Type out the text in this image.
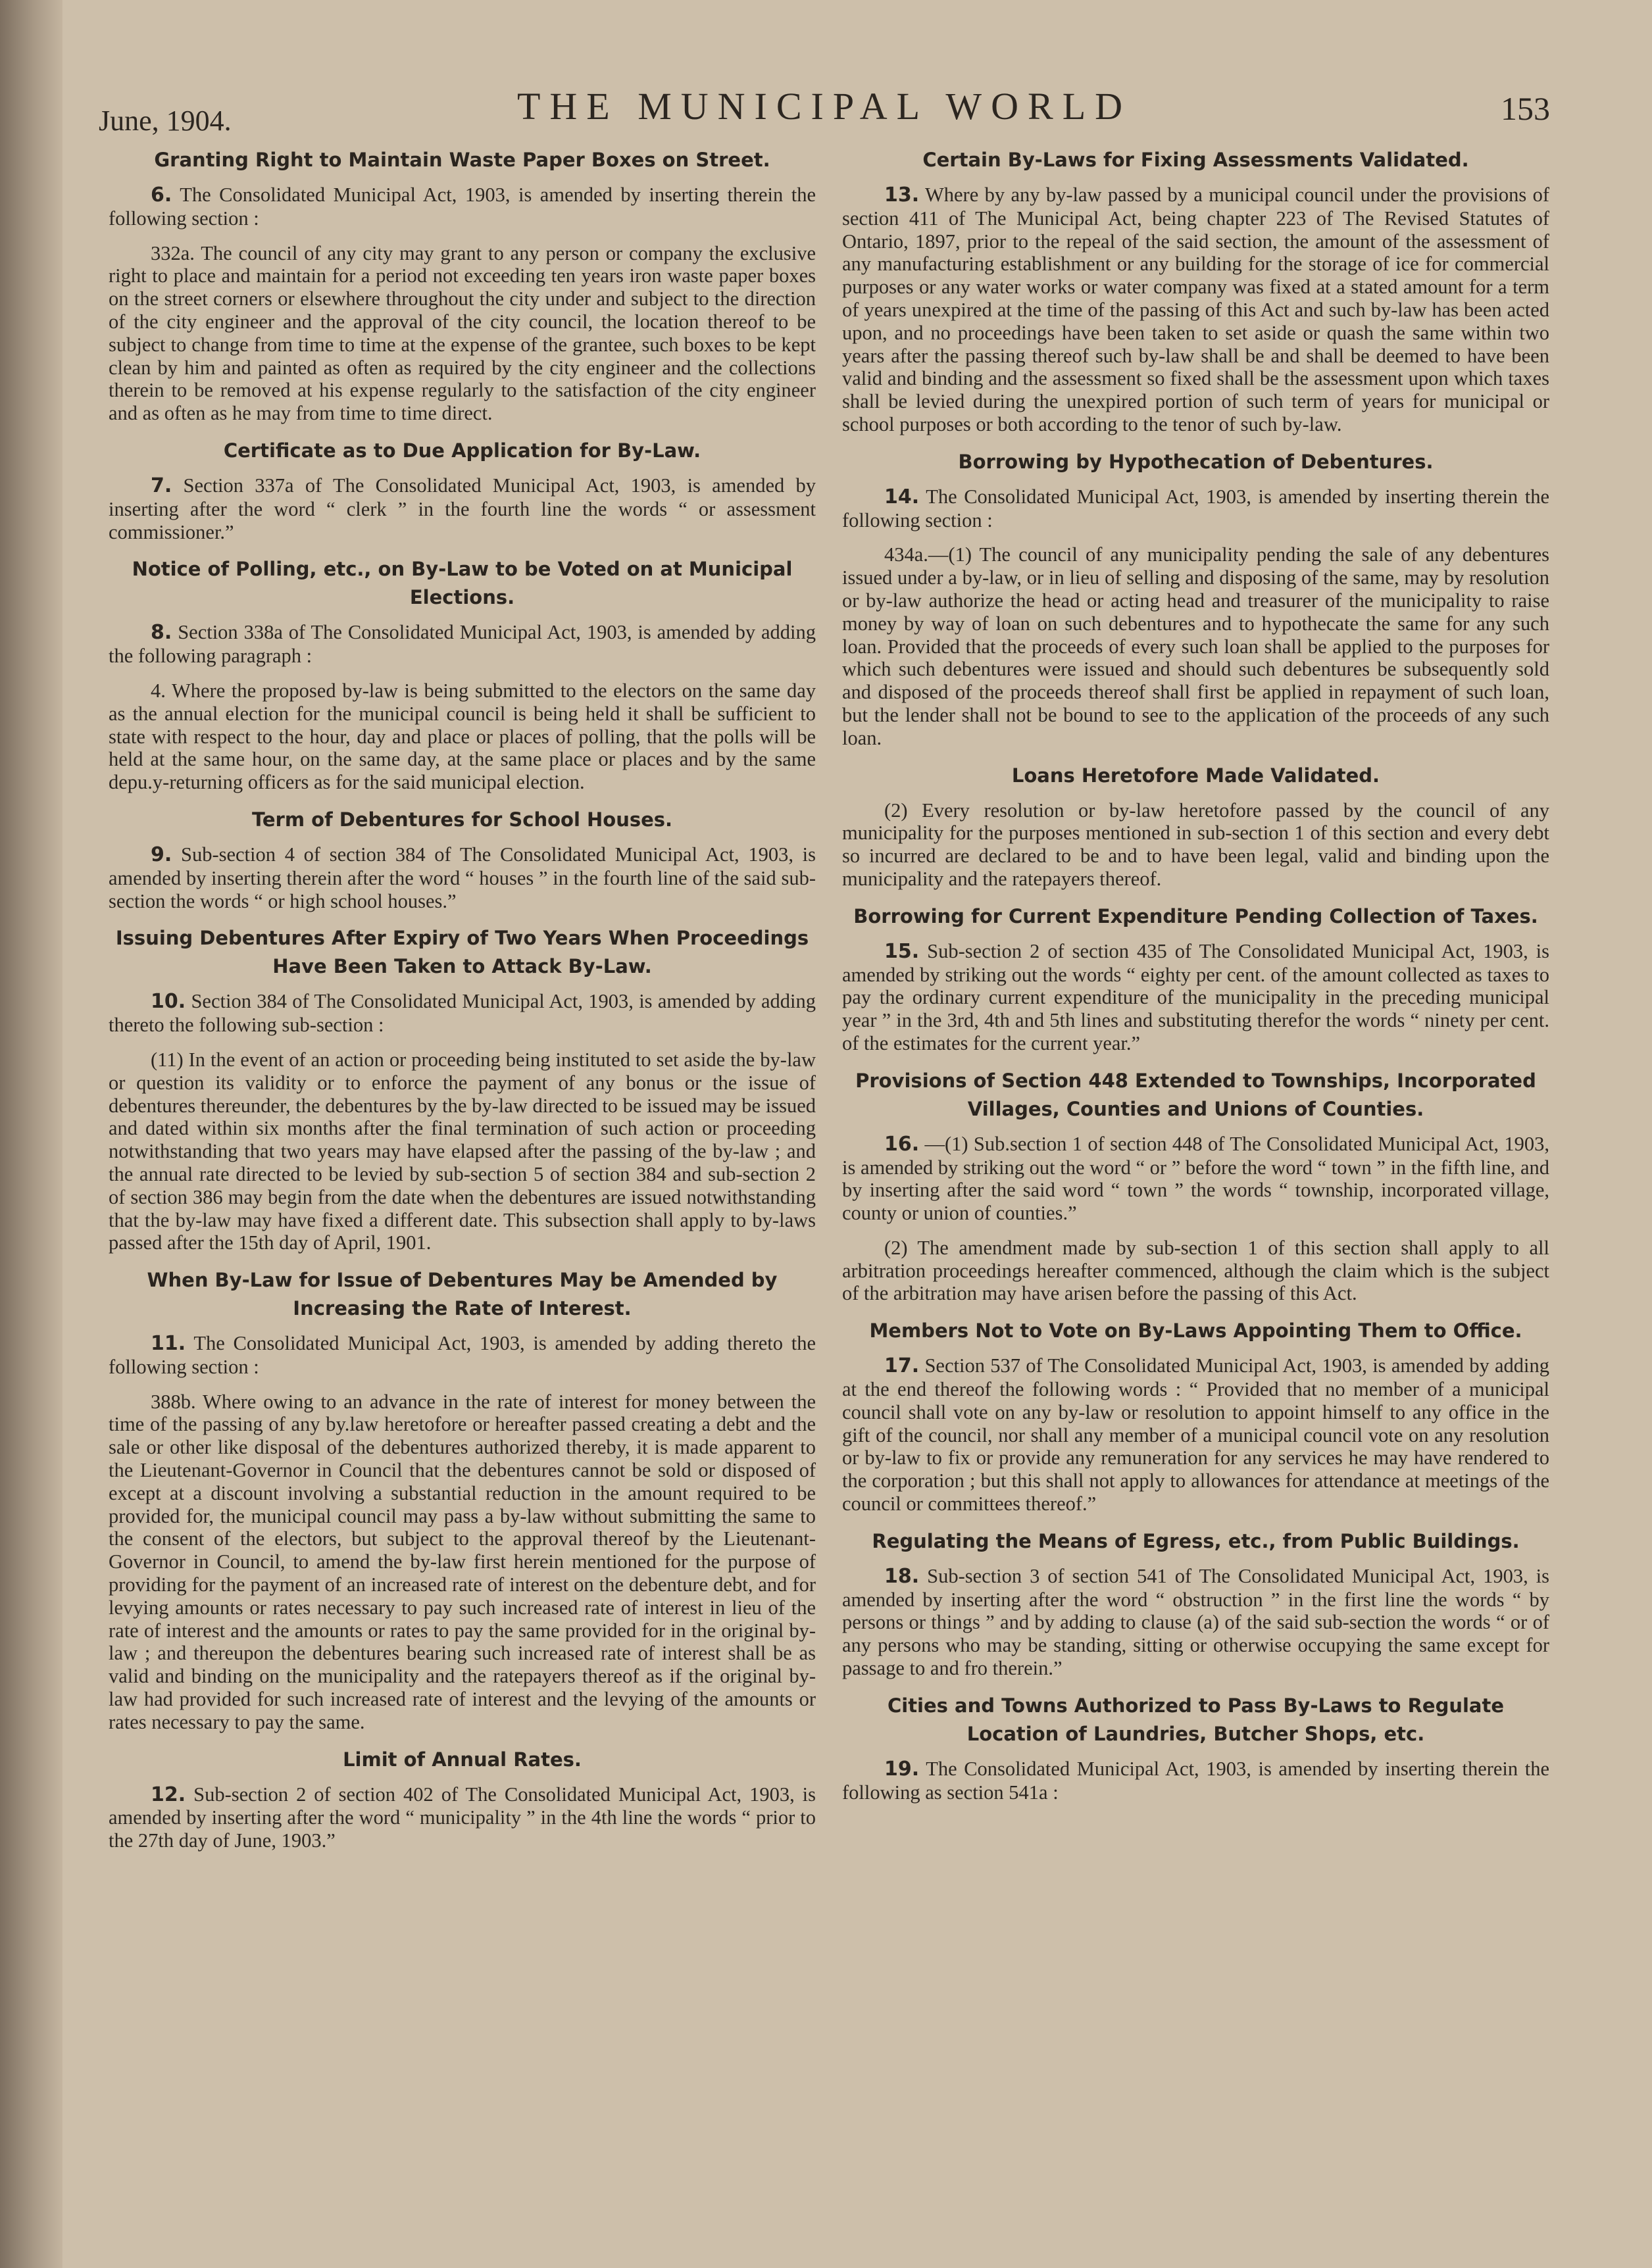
June, 1904.	THE MUNICIPAL WORLD	153
Granting Right to Maintain Waste Paper Boxes on Street.

6. The Consolidated Municipal Act, 1903, is amended by inserting therein the following section :

332a. The council of any city may grant to any person or company the exclusive right to place and maintain for a period not exceeding ten years iron waste paper boxes on the street corners or elsewhere throughout the city under and subject to the direction of the city engineer and the approval of the city council, the location thereof to be subject to change from time to time at the expense of the grantee, such boxes to be kept clean by him and painted as often as required by the city engineer and the collections therein to be removed at his expense regularly to the satisfaction of the city engineer and as often as he may from time to time direct.

Certificate as to Due Application for By-Law.

7. Section 337a of The Consolidated Municipal Act, 1903, is amended by inserting after the word “ clerk ” in the fourth line the words “ or assessment commissioner.”

Notice of Polling, etc., on By-Law to be Voted on at Municipal Elections.

8. Section 338a of The Consolidated Municipal Act, 1903, is amended by adding the following paragraph :

4. Where the proposed by-law is being submitted to the electors on the same day as the annual election for the municipal council is being held it shall be sufficient to state with respect to the hour, day and place or places of polling, that the polls will be held at the same hour, on the same day, at the same place or places and by the same depu.y-returning officers as for the said municipal election.

Term of Debentures for School Houses.

9. Sub-section 4 of section 384 of The Consolidated Municipal Act, 1903, is amended by inserting therein after the word “ houses ” in the fourth line of the said sub-section the words “ or high school houses.”

Issuing Debentures After Expiry of Two Years When Proceedings Have Been Taken to Attack By-Law.

10. Section 384 of The Consolidated Municipal Act, 1903, is amended by adding thereto the following sub-section :

(11) In the event of an action or proceeding being instituted to set aside the by-law or question its validity or to enforce the payment of any bonus or the issue of debentures thereunder, the debentures by the by-law directed to be issued may be issued and dated within six months after the final termination of such action or proceeding notwithstanding that two years may have elapsed after the passing of the by-law ; and the annual rate directed to be levied by sub-section 5 of section 384 and sub-section 2 of section 386 may begin from the date when the debentures are issued notwithstanding that the by-law may have fixed a different date. This subsection shall apply to by-laws passed after the 15th day of April, 1901.

When By-Law for Issue of Debentures May be Amended by Increasing the Rate of Interest.

11. The Consolidated Municipal Act, 1903, is amended by adding thereto the following section :

388b. Where owing to an advance in the rate of interest for money between the time of the passing of any by.law heretofore or hereafter passed creating a debt and the sale or other like disposal of the debentures authorized thereby, it is made apparent to the Lieutenant-Governor in Council that the debentures cannot be sold or disposed of except at a discount involving a substantial reduction in the amount required to be provided for, the municipal council may pass a by-law without submitting the same to the consent of the electors, but subject to the approval thereof by the Lieutenant-Governor in Council, to amend the by-law first herein mentioned for the purpose of providing for the payment of an increased rate of interest on the debenture debt, and for levying amounts or rates necessary to pay such increased rate of interest in lieu of the rate of interest and the amounts or rates to pay the same provided for in the original by-law ; and thereupon the debentures bearing such increased rate of interest shall be as valid and binding on the municipality and the ratepayers thereof as if the original by-law had provided for such increased rate of interest and the levying of the amounts or rates necessary to pay the same.

Limit of Annual Rates.

12. Sub-section 2 of section 402 of The Consolidated Municipal Act, 1903, is amended by inserting after the word “ municipality ” in the 4th line the words “ prior to the 27th day of June, 1903.”

Certain By-Laws for Fixing Assessments Validated.

13. Where by any by-law passed by a municipal council under the provisions of section 411 of The Municipal Act, being chapter 223 of The Revised Statutes of Ontario, 1897, prior to the repeal of the said section, the amount of the assessment of any manufacturing establishment or any building for the storage of ice for commercial purposes or any water works or water company was fixed at a stated amount for a term of years unexpired at the time of the passing of this Act and such by-law has been acted upon, and no proceedings have been taken to set aside or quash the same within two years after the passing thereof such by-law shall be and shall be deemed to have been valid and binding and the assessment so fixed shall be the assessment upon which taxes shall be levied during the unexpired portion of such term of years for municipal or school purposes or both according to the tenor of such by-law.

Borrowing by Hypothecation of Debentures.

14. The Consolidated Municipal Act, 1903, is amended by inserting therein the following section :

434a.—(1) The council of any municipality pending the sale of any debentures issued under a by-law, or in lieu of selling and disposing of the same, may by resolution or by-law authorize the head or acting head and treasurer of the municipality to raise money by way of loan on such debentures and to hypothecate the same for any such loan. Provided that the proceeds of every such loan shall be applied to the purposes for which such debentures were issued and should such debentures be subsequently sold and disposed of the proceeds thereof shall first be applied in repayment of such loan, but the lender shall not be bound to see to the application of the proceeds of any such loan.

Loans Heretofore Made Validated.

(2) Every resolution or by-law heretofore passed by the council of any municipality for the purposes mentioned in sub-section 1 of this section and every debt so incurred are declared to be and to have been legal, valid and binding upon the municipality and the ratepayers thereof.

Borrowing for Current Expenditure Pending Collection of Taxes.

15. Sub-section 2 of section 435 of The Consolidated Municipal Act, 1903, is amended by striking out the words “ eighty per cent. of the amount collected as taxes to pay the ordinary current expenditure of the municipality in the preceding municipal year ” in the 3rd, 4th and 5th lines and substituting therefor the words “ ninety per cent. of the estimates for the current year.”

Provisions of Section 448 Extended to Townships, Incorporated Villages, Counties and Unions of Counties.

16. —(1) Sub.section 1 of section 448 of The Consolidated Municipal Act, 1903, is amended by striking out the word “ or ” before the word “ town ” in the fifth line, and by inserting after the said word “ town ” the words “ township, incorporated village, county or union of counties.”

(2) The amendment made by sub-section 1 of this section shall apply to all arbitration proceedings hereafter commenced, although the claim which is the subject of the arbitration may have arisen before the passing of this Act.

Members Not to Vote on By-Laws Appointing Them to Office.

17. Section 537 of The Consolidated Municipal Act, 1903, is amended by adding at the end thereof the following words : “ Provided that no member of a municipal council shall vote on any by-law or resolution to appoint himself to any office in the gift of the council, nor shall any member of a municipal council vote on any resolution or by-law to fix or provide any remuneration for any services he may have rendered to the corporation ; but this shall not apply to allowances for attendance at meetings of the council or committees thereof.”

Regulating the Means of Egress, etc., from Public Buildings.

18. Sub-section 3 of section 541 of The Consolidated Municipal Act, 1903, is amended by inserting after the word “ obstruction ” in the first line the words “ by persons or things ” and by adding to clause (a) of the said sub-section the words “ or of any persons who may be standing, sitting or otherwise occupying the same except for passage to and fro therein.”

Cities and Towns Authorized to Pass By-Laws to Regulate Location of Laundries, Butcher Shops, etc.

19. The Consolidated Municipal Act, 1903, is amended by inserting therein the following as section 541a :
